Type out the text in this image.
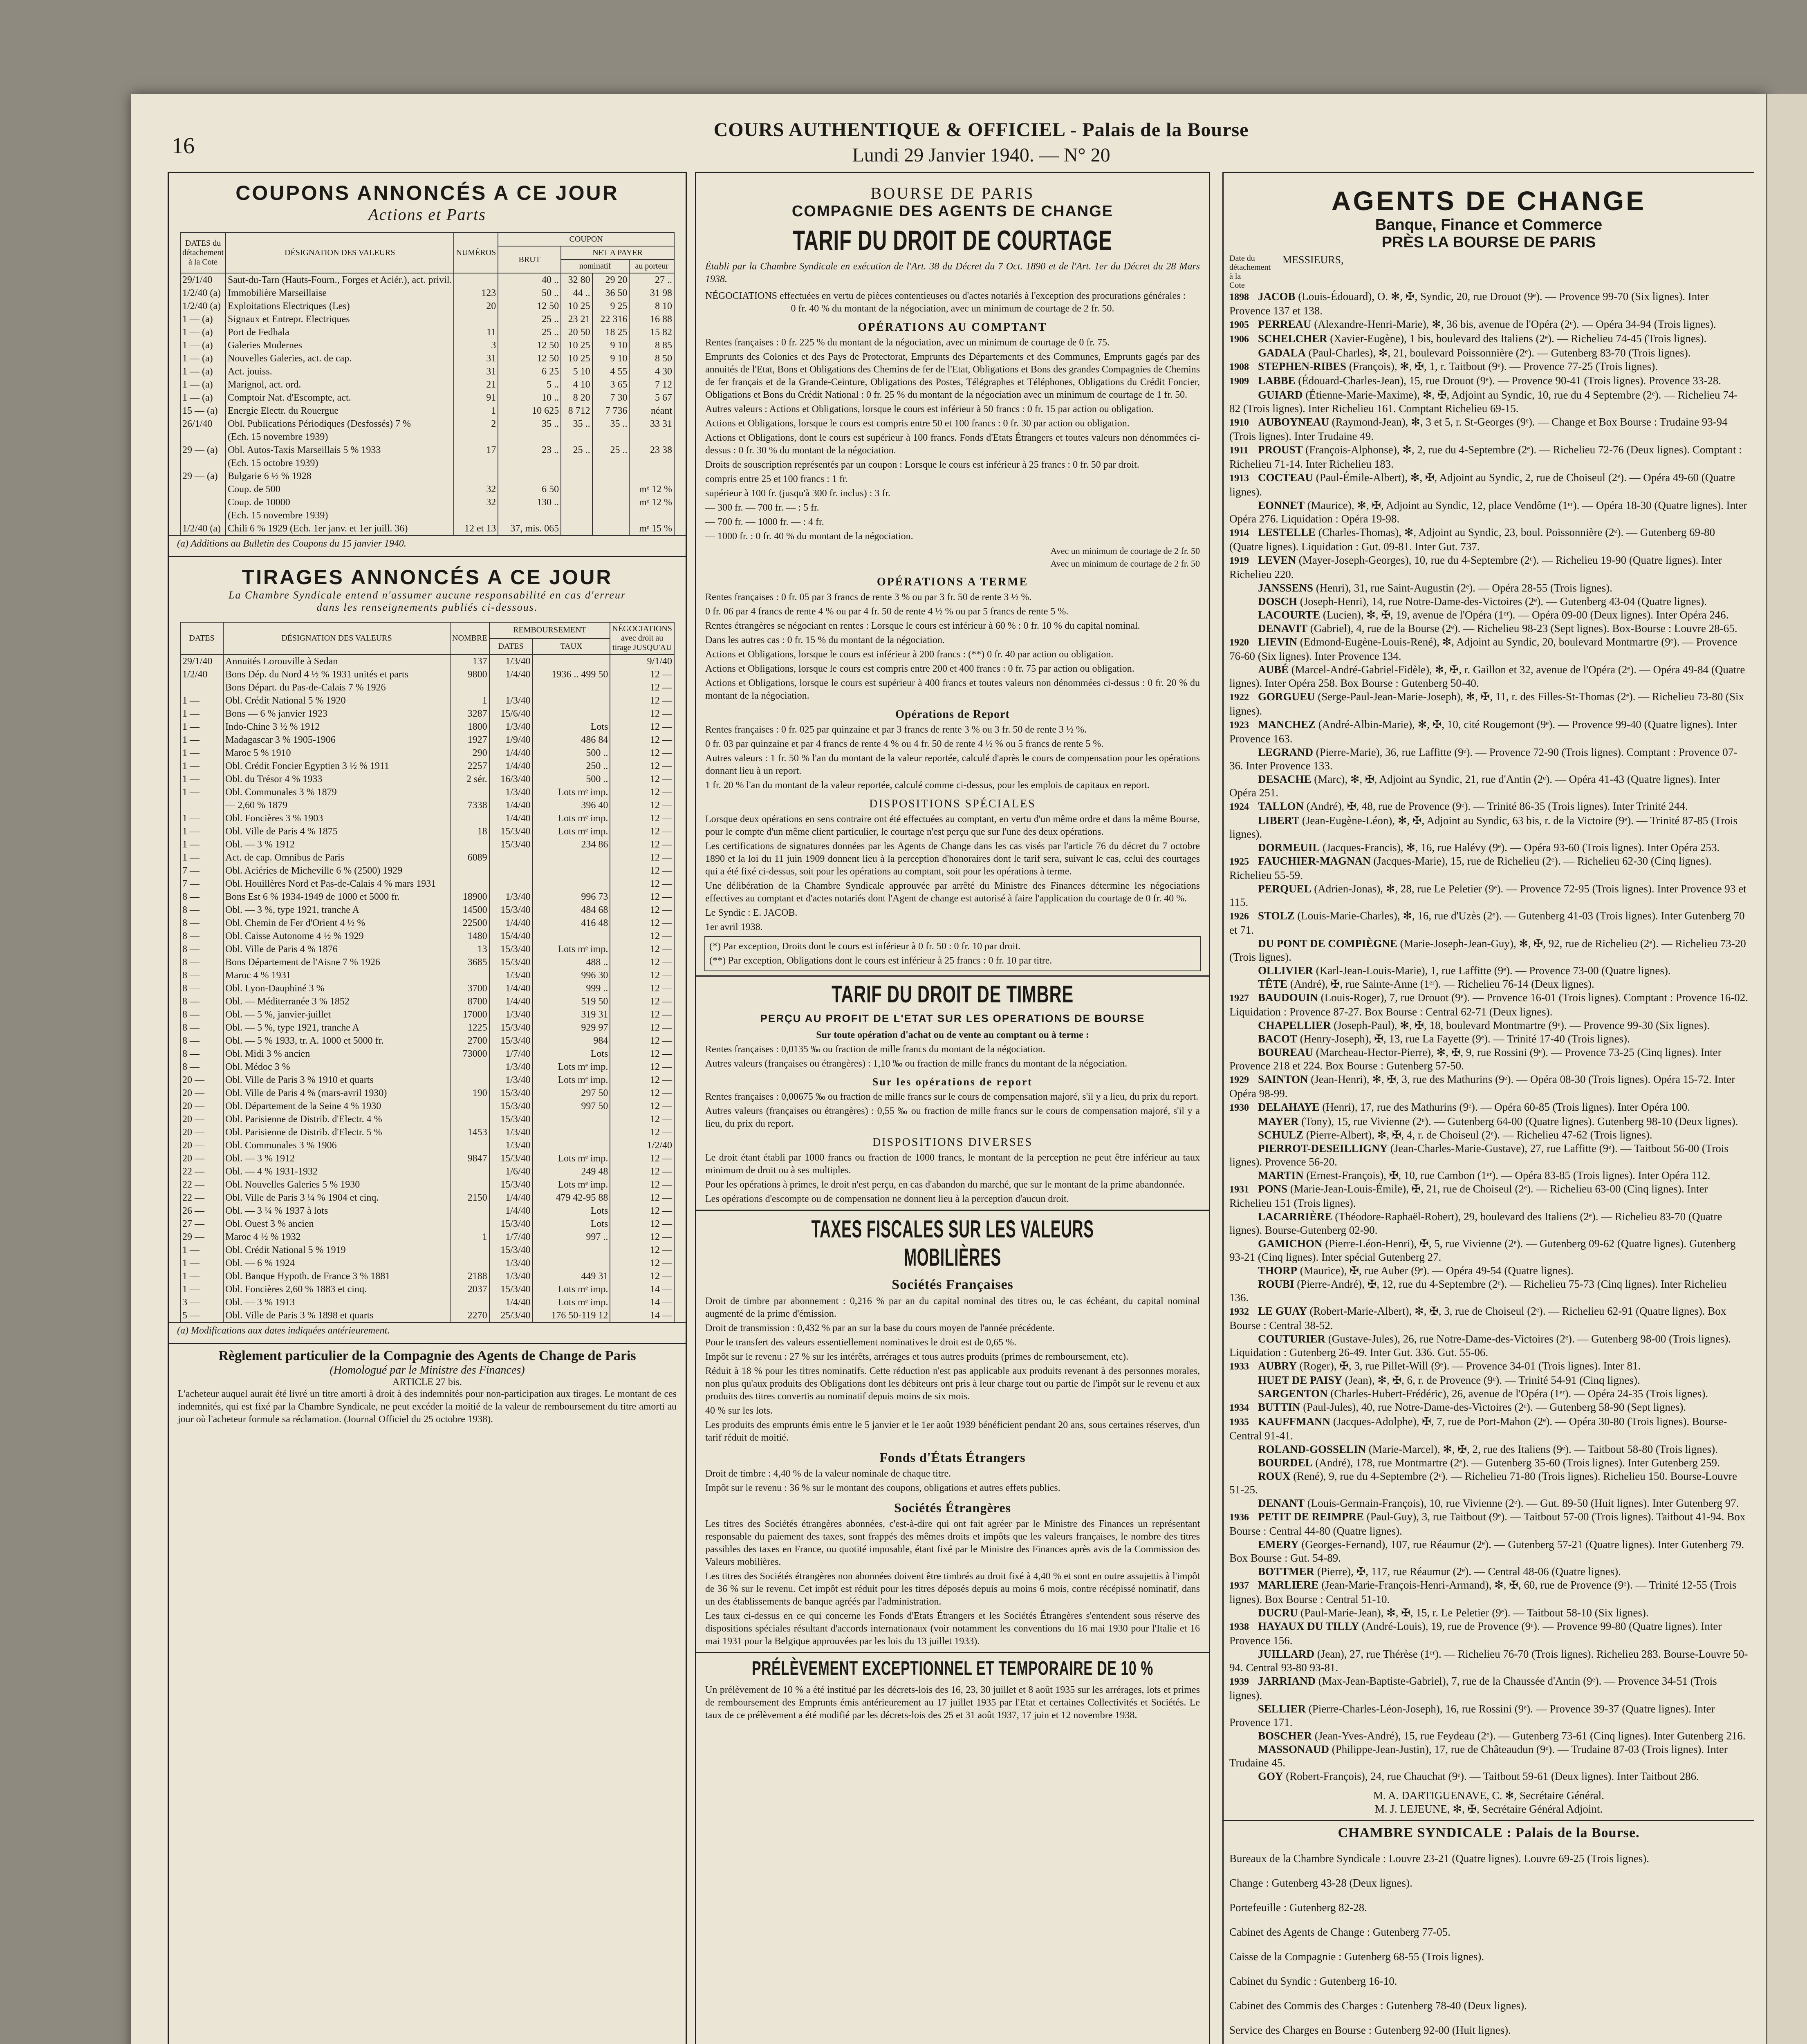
16
COURS AUTHENTIQUE & OFFICIEL - Palais de la Bourse
Lundi 29 Janvier 1940. — N° 20
COUPONS ANNONCÉS A CE JOUR
Actions et Parts
DATES du détachement à la Cote	DÉSIGNATION DES VALEURS	NUMÉROS	COUPON			
			BRUT	NET A PAYER		
				nominatif		au porteur
29/1/40	Saut-du-Tarn (Hauts-Fourn., Forges et Aciér.), act. privil.		40 ..	32 80	29 20	27 ..
1/2/40 (a)	Immobilière Marseillaise	123	50 ..	44 ..	36 50	31 98
1/2/40 (a)	Exploitations Electriques (Les)	20	12 50	10 25	9 25	8 10
1 — (a)	Signaux et Entrepr. Electriques		25 ..	23 21	22 316	16 88
1 — (a)	Port de Fedhala	11	25 ..	20 50	18 25	15 82
1 — (a)	Galeries Modernes	3	12 50	10 25	9 10	8 85
1 — (a)	Nouvelles Galeries, act. de cap.	31	12 50	10 25	9 10	8 50
1 — (a)	Act. jouiss.	31	6 25	5 10	4 55	4 30
1 — (a)	Marignol, act. ord.	21	5 ..	4 10	3 65	7 12
1 — (a)	Comptoir Nat. d'Escompte, act.	91	10 ..	8 20	7 30	5 67
15 — (a)	Energie Electr. du Rouergue	1	10 625	8 712	7 736	néant
26/1/40	Obl. Publications Périodiques (Desfossés) 7 %	2	35 ..	35 ..	35 ..	33 31
	(Ech. 15 novembre 1939)					
29 — (a)	Obl. Autos-Taxis Marseillais 5 % 1933	17	23 ..	25 ..	25 ..	23 38
	(Ech. 15 octobre 1939)					
29 — (a)	Bulgarie 6 ½ % 1928					
	Coup. de 500	32	6 50			mᵉ 12 %
	Coup. de 10000	32	130 ..			mᵉ 12 %
	(Ech. 15 novembre 1939)					
1/2/40 (a)	Chili 6 % 1929 (Ech. 1er janv. et 1er juill. 36)	12 et 13	37, mis. 065			mᵉ 15 %
(a) Additions au Bulletin des Coupons du 15 janvier 1940.
TIRAGES ANNONCÉS A CE JOUR
La Chambre Syndicale entend n'assumer aucune responsabilité en cas d'erreur
dans les renseignements publiés ci-dessous.
DATES	DÉSIGNATION DES VALEURS	NOMBRE	REMBOURSEMENT		NÉGOCIATIONS avec droit au tirage JUSQU'AU
			DATES	TAUX	
29/1/40	Annuités Lorouville à Sedan	137	1/3/40		9/1/40
1/2/40	Bons Dép. du Nord 4 ½ % 1931 unités et parts	9800	1/4/40	1936 .. 499 50	12 —
	Bons Départ. du Pas-de-Calais 7 % 1926				12 —
1 —	Obl. Crédit National 5 % 1920	1	1/3/40		12 —
1 —	Bons — 6 % janvier 1923	3287	15/6/40		12 —
1 —	Indo-Chine 3 ½ % 1912	1800	1/3/40	Lots	12 —
1 —	Madagascar 3 % 1905-1906	1927	1/9/40	486 84	12 —
1 —	Maroc 5 % 1910	290	1/4/40	500 ..	12 —
1 —	Obl. Crédit Foncier Egyptien 3 ½ % 1911	2257	1/4/40	250 ..	12 —
1 —	Obl. du Trésor 4 % 1933	2 sér.	16/3/40	500 ..	12 —
1 —	Obl. Communales 3 % 1879		1/3/40	Lots mᵉ imp.	12 —
	— 2,60 % 1879	7338	1/4/40	396 40	12 —
1 —	Obl. Foncières 3 % 1903		1/4/40	Lots mᵉ imp.	12 —
1 —	Obl. Ville de Paris 4 % 1875	18	15/3/40	Lots mᵉ imp.	12 —
1 —	Obl. — 3 % 1912		15/3/40	234 86	12 —
1 —	Act. de cap. Omnibus de Paris	6089			12 —
7 —	Obl. Aciéries de Micheville 6 % (2500) 1929				12 —
7 —	Obl. Houillères Nord et Pas-de-Calais 4 % mars 1931				12 —
8 —	Bons Est 6 % 1934-1949 de 1000 et 5000 fr.	18900	1/3/40	996 73	12 —
8 —	Obl. — 3 %, type 1921, tranche A	14500	15/3/40	484 68	12 —
8 —	Obl. Chemin de Fer d'Orient 4 ½ %	22500	1/4/40	416 48	12 —
8 —	Obl. Caisse Autonome 4 ½ % 1929	1480	15/4/40		12 —
8 —	Obl. Ville de Paris 4 % 1876	13	15/3/40	Lots mᵉ imp.	12 —
8 —	Bons Département de l'Aisne 7 % 1926	3685	15/3/40	488 ..	12 —
8 —	Maroc 4 % 1931		1/3/40	996 30	12 —
8 —	Obl. Lyon-Dauphiné 3 %	3700	1/4/40	999 ..	12 —
8 —	Obl. — Méditerranée 3 % 1852	8700	1/4/40	519 50	12 —
8 —	Obl. — 5 %, janvier-juillet	17000	1/3/40	319 31	12 —
8 —	Obl. — 5 %, type 1921, tranche A	1225	15/3/40	929 97	12 —
8 —	Obl. — 5 % 1933, tr. A. 1000 et 5000 fr.	2700	15/3/40	984	12 —
8 —	Obl. Midi 3 % ancien	73000	1/7/40	Lots	12 —
8 —	Obl. Médoc 3 %		1/3/40	Lots mᵉ imp.	12 —
20 —	Obl. Ville de Paris 3 % 1910 et quarts		1/3/40	Lots mᵉ imp.	12 —
20 —	Obl. Ville de Paris 4 % (mars-avril 1930)	190	15/3/40	297 50	12 —
20 —	Obl. Département de la Seine 4 % 1930		15/3/40	997 50	12 —
20 —	Obl. Parisienne de Distrib. d'Electr. 4 %		15/3/40		12 —
20 —	Obl. Parisienne de Distrib. d'Electr. 5 %	1453	1/3/40		12 —
20 —	Obl. Communales 3 % 1906		1/3/40		1/2/40
20 —	Obl. — 3 % 1912	9847	15/3/40	Lots mᵉ imp.	12 —
22 —	Obl. — 4 % 1931-1932		1/6/40	249 48	12 —
22 —	Obl. Nouvelles Galeries 5 % 1930		15/3/40	Lots mᵉ imp.	12 —
22 —	Obl. Ville de Paris 3 ¼ % 1904 et cinq.	2150	1/4/40	479 42-95 88	12 —
26 —	Obl. — 3 ¼ % 1937 à lots		1/4/40	Lots	12 —
27 —	Obl. Ouest 3 % ancien		15/3/40	Lots	12 —
29 —	Maroc 4 ½ % 1932	1	1/7/40	997 ..	12 —
1 —	Obl. Crédit National 5 % 1919		15/3/40		12 —
1 —	Obl. — 6 % 1924		1/3/40		12 —
1 —	Obl. Banque Hypoth. de France 3 % 1881	2188	1/3/40	449 31	12 —
1 —	Obl. Foncières 2,60 % 1883 et cinq.	2037	15/3/40	Lots mᵉ imp.	14 —
3 —	Obl. — 3 % 1913		1/4/40	Lots mᵉ imp.	14 —
5 —	Obl. Ville de Paris 3 % 1898 et quarts	2270	25/3/40	176 50-119 12	14 —
(a) Modifications aux dates indiquées antérieurement.
Règlement particulier de la Compagnie des Agents de Change de Paris
(Homologué par le Ministre des Finances)
ARTICLE 27 bis.
L'acheteur auquel aurait été livré un titre amorti à droit à des indemnités pour non-participation aux tirages. Le montant de ces indemnités, qui est fixé par la Chambre Syndicale, ne peut excéder la moitié de la valeur de remboursement du titre amorti au jour où l'acheteur formule sa réclamation. (Journal Officiel du 25 octobre 1938).
BOURSE DE PARIS
COMPAGNIE DES AGENTS DE CHANGE
TARIF DU DROIT DE COURTAGE
Établi par la Chambre Syndicale en exécution de l'Art. 38 du Décret du 7 Oct. 1890 et de l'Art. 1er du Décret du 28 Mars 1938.
NÉGOCIATIONS effectuées en vertu de pièces contentieuses ou d'actes notariés à l'exception des procurations générales :
0 fr. 40 % du montant de la négociation, avec un minimum de courtage de 2 fr. 50.
OPÉRATIONS AU COMPTANT

Rentes françaises : 0 fr. 225 % du montant de la négociation, avec un minimum de courtage de 0 fr. 75.

Emprunts des Colonies et des Pays de Protectorat, Emprunts des Départements et des Communes, Emprunts gagés par des annuités de l'Etat, Bons et Obligations des Chemins de fer de l'Etat, Obligations et Bons des grandes Compagnies de Chemins de fer français et de la Grande-Ceinture, Obligations des Postes, Télégraphes et Téléphones, Obligations du Crédit Foncier, Obligations et Bons du Crédit National : 0 fr. 25 % du montant de la négociation avec un minimum de courtage de 1 fr. 50.

Autres valeurs : Actions et Obligations, lorsque le cours est inférieur à 50 francs : 0 fr. 15 par action ou obligation.

Actions et Obligations, lorsque le cours est compris entre 50 et 100 francs : 0 fr. 30 par action ou obligation.

Actions et Obligations, dont le cours est supérieur à 100 francs. Fonds d'Etats Étrangers et toutes valeurs non dénommées ci-dessus : 0 fr. 30 % du montant de la négociation.

Droits de souscription représentés par un coupon : Lorsque le cours est inférieur à 25 francs : 0 fr. 50 par droit.

compris entre 25 et 100 francs : 1 fr.

supérieur à 100 fr. (jusqu'à 300 fr. inclus) : 3 fr.

— 300 fr. — 700 fr. — : 5 fr.

— 700 fr. — 1000 fr. — : 4 fr.

— 1000 fr. : 0 fr. 40 % du montant de la négociation.

Avec un minimum de courtage de 2 fr. 50
Avec un minimum de courtage de 2 fr. 50
OPÉRATIONS A TERME

Rentes françaises : 0 fr. 05 par 3 francs de rente 3 % ou par 3 fr. 50 de rente 3 ½ %.

0 fr. 06 par 4 francs de rente 4 % ou par 4 fr. 50 de rente 4 ½ % ou par 5 francs de rente 5 %.

Rentes étrangères se négociant en rentes : Lorsque le cours est inférieur à 60 % : 0 fr. 10 % du capital nominal.

Dans les autres cas : 0 fr. 15 % du montant de la négociation.

Actions et Obligations, lorsque le cours est inférieur à 200 francs : (**) 0 fr. 40 par action ou obligation.

Actions et Obligations, lorsque le cours est compris entre 200 et 400 francs : 0 fr. 75 par action ou obligation.

Actions et Obligations, lorsque le cours est supérieur à 400 francs et toutes valeurs non dénommées ci-dessus : 0 fr. 20 % du montant de la négociation.

Opérations de Report

Rentes françaises : 0 fr. 025 par quinzaine et par 3 francs de rente 3 % ou 3 fr. 50 de rente 3 ½ %.

0 fr. 03 par quinzaine et par 4 francs de rente 4 % ou 4 fr. 50 de rente 4 ½ % ou 5 francs de rente 5 %.

Autres valeurs : 1 fr. 50 % l'an du montant de la valeur reportée, calculé d'après le cours de compensation pour les opérations donnant lieu à un report.

1 fr. 20 % l'an du montant de la valeur reportée, calculé comme ci-dessus, pour les emplois de capitaux en report.

DISPOSITIONS SPÉCIALES

Lorsque deux opérations en sens contraire ont été effectuées au comptant, en vertu d'un même ordre et dans la même Bourse, pour le compte d'un même client particulier, le courtage n'est perçu que sur l'une des deux opérations.

Les certifications de signatures données par les Agents de Change dans les cas visés par l'article 76 du décret du 7 octobre 1890 et la loi du 11 juin 1909 donnent lieu à la perception d'honoraires dont le tarif sera, suivant le cas, celui des courtages qui a été fixé ci-dessus, soit pour les opérations au comptant, soit pour les opérations à terme.

Une délibération de la Chambre Syndicale approuvée par arrêté du Ministre des Finances détermine les négociations effectives au comptant et d'actes notariés dont l'Agent de change est autorisé à faire l'application du courtage de 0 fr. 40 %.

Le Syndic : E. JACOB.

1er avril 1938.

(*) Par exception, Droits dont le cours est inférieur à 0 fr. 50 : 0 fr. 10 par droit.

(**) Par exception, Obligations dont le cours est inférieur à 25 francs : 0 fr. 10 par titre.

TARIF DU DROIT DE TIMBRE
PERÇU AU PROFIT DE L'ETAT SUR LES OPERATIONS DE BOURSE
Sur toute opération d'achat ou de vente au comptant ou à terme :

Rentes françaises : 0,0135 ‰ ou fraction de mille francs du montant de la négociation.

Autres valeurs (françaises ou étrangères) : 1,10 ‰ ou fraction de mille francs du montant de la négociation.

Sur les opérations de report

Rentes françaises : 0,00675 ‰ ou fraction de mille francs sur le cours de compensation majoré, s'il y a lieu, du prix du report.

Autres valeurs (françaises ou étrangères) : 0,55 ‰ ou fraction de mille francs sur le cours de compensation majoré, s'il y a lieu, du prix du report.

DISPOSITIONS DIVERSES

Le droit étant établi par 1000 francs ou fraction de 1000 francs, le montant de la perception ne peut être inférieur au taux minimum de droit ou à ses multiples.

Pour les opérations à primes, le droit n'est perçu, en cas d'abandon du marché, que sur le montant de la prime abandonnée.

Les opérations d'escompte ou de compensation ne donnent lieu à la perception d'aucun droit.

TAXES FISCALES SUR LES VALEURS MOBILIÈRES
Sociétés Françaises

Droit de timbre par abonnement : 0,216 % par an du capital nominal des titres ou, le cas échéant, du capital nominal augmenté de la prime d'émission.

Droit de transmission : 0,432 % par an sur la base du cours moyen de l'année précédente.

Pour le transfert des valeurs essentiellement nominatives le droit est de 0,65 %.

Impôt sur le revenu : 27 % sur les intérêts, arrérages et tous autres produits (primes de remboursement, etc).

Réduit à 18 % pour les titres nominatifs. Cette réduction n'est pas applicable aux produits revenant à des personnes morales, non plus qu'aux produits des Obligations dont les débiteurs ont pris à leur charge tout ou partie de l'impôt sur le revenu et aux produits des titres convertis au nominatif depuis moins de six mois.

40 % sur les lots.

Les produits des emprunts émis entre le 5 janvier et le 1er août 1939 bénéficient pendant 20 ans, sous certaines réserves, d'un tarif réduit de moitié.

Fonds d'États Étrangers

Droit de timbre : 4,40 % de la valeur nominale de chaque titre.

Impôt sur le revenu : 36 % sur le montant des coupons, obligations et autres effets publics.

Sociétés Étrangères

Les titres des Sociétés étrangères abonnées, c'est-à-dire qui ont fait agréer par le Ministre des Finances un représentant responsable du paiement des taxes, sont frappés des mêmes droits et impôts que les valeurs françaises, le nombre des titres passibles des taxes en France, ou quotité imposable, étant fixé par le Ministre des Finances après avis de la Commission des Valeurs mobilières.

Les titres des Sociétés étrangères non abonnées doivent être timbrés au droit fixé à 4,40 % et sont en outre assujettis à l'impôt de 36 % sur le revenu. Cet impôt est réduit pour les titres déposés depuis au moins 6 mois, contre récépissé nominatif, dans un des établissements de banque agréés par l'administration.

Les taux ci-dessus en ce qui concerne les Fonds d'Etats Étrangers et les Sociétés Étrangères s'entendent sous réserve des dispositions spéciales résultant d'accords internationaux (voir notamment les conventions du 16 mai 1930 pour l'Italie et 16 mai 1931 pour la Belgique approuvées par les lois du 13 juillet 1933).

PRÉLÈVEMENT EXCEPTIONNEL ET TEMPORAIRE DE 10 %
Un prélèvement de 10 % a été institué par les décrets-lois des 16, 23, 30 juillet et 8 août 1935 sur les arrérages, lots et primes de remboursement des Emprunts émis antérieurement au 17 juillet 1935 par l'Etat et certaines Collectivités et Sociétés. Le taux de ce prélèvement a été modifié par les décrets-lois des 25 et 31 août 1937, 17 juin et 12 novembre 1938.
AGENTS DE CHANGE
Banque, Finance et Commerce
PRÈS LA BOURSE DE PARIS
Date du détachement à la Cote
MESSIEURS,
1898 JACOB (Louis-Édouard), O. ✻, ✠, Syndic, 20, rue Drouot (9ᵉ). — Provence 99-70 (Six lignes). Inter Provence 137 et 138.
1905 PERREAU (Alexandre-Henri-Marie), ✻, 36 bis, avenue de l'Opéra (2ᵉ). — Opéra 34-94 (Trois lignes).
1906 SCHELCHER (Xavier-Eugène), 1 bis, boulevard des Italiens (2ᵉ). — Richelieu 74-45 (Trois lignes).
GADALA (Paul-Charles), ✻, 21, boulevard Poissonnière (2ᵉ). — Gutenberg 83-70 (Trois lignes).
1908 STEPHEN-RIBES (François), ✻, ✠, 1, r. Taitbout (9ᵉ). — Provence 77-25 (Trois lignes).
1909 LABBE (Édouard-Charles-Jean), 15, rue Drouot (9ᵉ). — Provence 90-41 (Trois lignes). Provence 33-28.
GUIARD (Étienne-Marie-Maxime), ✻, ✠, Adjoint au Syndic, 10, rue du 4 Septembre (2ᵉ). — Richelieu 74-82 (Trois lignes). Inter Richelieu 161. Comptant Richelieu 69-15.
1910 AUBOYNEAU (Raymond-Jean), ✻, 3 et 5, r. St-Georges (9ᵉ). — Change et Box Bourse : Trudaine 93-94 (Trois lignes). Inter Trudaine 49.
1911 PROUST (François-Alphonse), ✻, 2, rue du 4-Septembre (2ᵉ). — Richelieu 72-76 (Deux lignes). Comptant : Richelieu 71-14. Inter Richelieu 183.
1913 COCTEAU (Paul-Émile-Albert), ✻, ✠, Adjoint au Syndic, 2, rue de Choiseul (2ᵉ). — Opéra 49-60 (Quatre lignes).
EONNET (Maurice), ✻, ✠, Adjoint au Syndic, 12, place Vendôme (1ᵉʳ). — Opéra 18-30 (Quatre lignes). Inter Opéra 276. Liquidation : Opéra 19-98.
1914 LESTELLE (Charles-Thomas), ✻, Adjoint au Syndic, 23, boul. Poissonnière (2ᵉ). — Gutenberg 69-80 (Quatre lignes). Liquidation : Gut. 09-81. Inter Gut. 737.
1919 LEVEN (Mayer-Joseph-Georges), 10, rue du 4-Septembre (2ᵉ). — Richelieu 19-90 (Quatre lignes). Inter Richelieu 220.
JANSSENS (Henri), 31, rue Saint-Augustin (2ᵉ). — Opéra 28-55 (Trois lignes).
DOSCH (Joseph-Henri), 14, rue Notre-Dame-des-Victoires (2ᵉ). — Gutenberg 43-04 (Quatre lignes).
LACOURTE (Lucien), ✻, ✠, 19, avenue de l'Opéra (1ᵉʳ). — Opéra 09-00 (Deux lignes). Inter Opéra 246.
DENAVIT (Gabriel), 4, rue de la Bourse (2ᵉ). — Richelieu 98-23 (Sept lignes). Box-Bourse : Louvre 28-65.
1920 LIEVIN (Edmond-Eugène-Louis-René), ✻, Adjoint au Syndic, 20, boulevard Montmartre (9ᵉ). — Provence 76-60 (Six lignes). Inter Provence 134.
AUBÉ (Marcel-André-Gabriel-Fidèle), ✻, ✠, r. Gaillon et 32, avenue de l'Opéra (2ᵉ). — Opéra 49-84 (Quatre lignes). Inter Opéra 258. Box Bourse : Gutenberg 50-40.
1922 GORGUEU (Serge-Paul-Jean-Marie-Joseph), ✻, ✠, 11, r. des Filles-St-Thomas (2ᵉ). — Richelieu 73-80 (Six lignes).
1923 MANCHEZ (André-Albin-Marie), ✻, ✠, 10, cité Rougemont (9ᵉ). — Provence 99-40 (Quatre lignes). Inter Provence 163.
LEGRAND (Pierre-Marie), 36, rue Laffitte (9ᵉ). — Provence 72-90 (Trois lignes). Comptant : Provence 07-36. Inter Provence 133.
DESACHE (Marc), ✻, ✠, Adjoint au Syndic, 21, rue d'Antin (2ᵉ). — Opéra 41-43 (Quatre lignes). Inter Opéra 251.
1924 TALLON (André), ✠, 48, rue de Provence (9ᵉ). — Trinité 86-35 (Trois lignes). Inter Trinité 244.
LIBERT (Jean-Eugène-Léon), ✻, ✠, Adjoint au Syndic, 63 bis, r. de la Victoire (9ᵉ). — Trinité 87-85 (Trois lignes).
DORMEUIL (Jacques-Francis), ✻, 16, rue Halévy (9ᵉ). — Opéra 93-60 (Trois lignes). Inter Opéra 253.
1925 FAUCHIER-MAGNAN (Jacques-Marie), 15, rue de Richelieu (2ᵉ). — Richelieu 62-30 (Cinq lignes). Richelieu 55-59.
PERQUEL (Adrien-Jonas), ✻, 28, rue Le Peletier (9ᵉ). — Provence 72-95 (Trois lignes). Inter Provence 93 et 115.
1926 STOLZ (Louis-Marie-Charles), ✻, 16, rue d'Uzès (2ᵉ). — Gutenberg 41-03 (Trois lignes). Inter Gutenberg 70 et 71.
DU PONT DE COMPIÈGNE (Marie-Joseph-Jean-Guy), ✻, ✠, 92, rue de Richelieu (2ᵉ). — Richelieu 73-20 (Trois lignes).
OLLIVIER (Karl-Jean-Louis-Marie), 1, rue Laffitte (9ᵉ). — Provence 73-00 (Quatre lignes).
TÊTE (André), ✠, rue Sainte-Anne (1ᵉʳ). — Richelieu 76-14 (Deux lignes).
1927 BAUDOUIN (Louis-Roger), 7, rue Drouot (9ᵉ). — Provence 16-01 (Trois lignes). Comptant : Provence 16-02. Liquidation : Provence 87-27. Box Bourse : Central 62-71 (Deux lignes).
CHAPELLIER (Joseph-Paul), ✻, ✠, 18, boulevard Montmartre (9ᵉ). — Provence 99-30 (Six lignes).
BACOT (Henry-Joseph), ✠, 13, rue La Fayette (9ᵉ). — Trinité 17-40 (Trois lignes).
BOUREAU (Marcheau-Hector-Pierre), ✻, ✠, 9, rue Rossini (9ᵉ). — Provence 73-25 (Cinq lignes). Inter Provence 218 et 224. Box Bourse : Gutenberg 57-50.
1929 SAINTON (Jean-Henri), ✻, ✠, 3, rue des Mathurins (9ᵉ). — Opéra 08-30 (Trois lignes). Opéra 15-72. Inter Opéra 98-99.
1930 DELAHAYE (Henri), 17, rue des Mathurins (9ᵉ). — Opéra 60-85 (Trois lignes). Inter Opéra 100.
MAYER (Tony), 15, rue Vivienne (2ᵉ). — Gutenberg 64-00 (Quatre lignes). Gutenberg 98-10 (Deux lignes).
SCHULZ (Pierre-Albert), ✻, ✠, 4, r. de Choiseul (2ᵉ). — Richelieu 47-62 (Trois lignes).
PIERROT-DESEILLIGNY (Jean-Charles-Marie-Gustave), 27, rue Laffitte (9ᵉ). — Taitbout 56-00 (Trois lignes). Provence 56-20.
MARTIN (Ernest-François), ✠, 10, rue Cambon (1ᵉʳ). — Opéra 83-85 (Trois lignes). Inter Opéra 112.
1931 PONS (Marie-Jean-Louis-Émile), ✠, 21, rue de Choiseul (2ᵉ). — Richelieu 63-00 (Cinq lignes). Inter Richelieu 151 (Trois lignes).
LACARRIÈRE (Théodore-Raphaël-Robert), 29, boulevard des Italiens (2ᵉ). — Richelieu 83-70 (Quatre lignes). Bourse-Gutenberg 02-90.
GAMICHON (Pierre-Léon-Henri), ✠, 5, rue Vivienne (2ᵉ). — Gutenberg 09-62 (Quatre lignes). Gutenberg 93-21 (Cinq lignes). Inter spécial Gutenberg 27.
THORP (Maurice), ✠, rue Auber (9ᵉ). — Opéra 49-54 (Quatre lignes).
ROUBI (Pierre-André), ✠, 12, rue du 4-Septembre (2ᵉ). — Richelieu 75-73 (Cinq lignes). Inter Richelieu 136.
1932 LE GUAY (Robert-Marie-Albert), ✻, ✠, 3, rue de Choiseul (2ᵉ). — Richelieu 62-91 (Quatre lignes). Box Bourse : Central 38-52.
COUTURIER (Gustave-Jules), 26, rue Notre-Dame-des-Victoires (2ᵉ). — Gutenberg 98-00 (Trois lignes). Liquidation : Gutenberg 26-49. Inter Gut. 336. Gut. 55-06.
1933 AUBRY (Roger), ✠, 3, rue Pillet-Will (9ᵉ). — Provence 34-01 (Trois lignes). Inter 81.
HUET DE PAISY (Jean), ✻, ✠, 6, r. de Provence (9ᵉ). — Trinité 54-91 (Cinq lignes).
SARGENTON (Charles-Hubert-Frédéric), 26, avenue de l'Opéra (1ᵉʳ). — Opéra 24-35 (Trois lignes).
1934 BUTTIN (Paul-Jules), 40, rue Notre-Dame-des-Victoires (2ᵉ). — Gutenberg 58-90 (Sept lignes).
1935 KAUFFMANN (Jacques-Adolphe), ✠, 7, rue de Port-Mahon (2ᵉ). — Opéra 30-80 (Trois lignes). Bourse-Central 91-41.
ROLAND-GOSSELIN (Marie-Marcel), ✻, ✠, 2, rue des Italiens (9ᵉ). — Taitbout 58-80 (Trois lignes).
BOURDEL (André), 178, rue Montmartre (2ᵉ). — Gutenberg 35-60 (Trois lignes). Inter Gutenberg 259.
ROUX (René), 9, rue du 4-Septembre (2ᵉ). — Richelieu 71-80 (Trois lignes). Richelieu 150. Bourse-Louvre 51-25.
DENANT (Louis-Germain-François), 10, rue Vivienne (2ᵉ). — Gut. 89-50 (Huit lignes). Inter Gutenberg 97.
1936 PETIT DE REIMPRE (Paul-Guy), 3, rue Taitbout (9ᵉ). — Taitbout 57-00 (Trois lignes). Taitbout 41-94. Box Bourse : Central 44-80 (Quatre lignes).
EMERY (Georges-Fernand), 107, rue Réaumur (2ᵉ). — Gutenberg 57-21 (Quatre lignes). Inter Gutenberg 79. Box Bourse : Gut. 54-89.
BOTTMER (Pierre), ✠, 117, rue Réaumur (2ᵉ). — Central 48-06 (Quatre lignes).
1937 MARLIERE (Jean-Marie-François-Henri-Armand), ✻, ✠, 60, rue de Provence (9ᵉ). — Trinité 12-55 (Trois lignes). Box Bourse : Central 51-10.
DUCRU (Paul-Marie-Jean), ✻, ✠, 15, r. Le Peletier (9ᵉ). — Taitbout 58-10 (Six lignes).
1938 HAYAUX DU TILLY (André-Louis), 19, rue de Provence (9ᵉ). — Provence 99-80 (Quatre lignes). Inter Provence 156.
JUILLARD (Jean), 27, rue Thérèse (1ᵉʳ). — Richelieu 76-70 (Trois lignes). Richelieu 283. Bourse-Louvre 50-94. Central 93-80 93-81.
1939 JARRIAND (Max-Jean-Baptiste-Gabriel), 7, rue de la Chaussée d'Antin (9ᵉ). — Provence 34-51 (Trois lignes).
SELLIER (Pierre-Charles-Léon-Joseph), 16, rue Rossini (9ᵉ). — Provence 39-37 (Quatre lignes). Inter Provence 171.
BOSCHER (Jean-Yves-André), 15, rue Feydeau (2ᵉ). — Gutenberg 73-61 (Cinq lignes). Inter Gutenberg 216.
MASSONAUD (Philippe-Jean-Justin), 17, rue de Châteaudun (9ᵉ). — Trudaine 87-03 (Trois lignes). Inter Trudaine 45.
GOY (Robert-François), 24, rue Chauchat (9ᵉ). — Taitbout 59-61 (Deux lignes). Inter Taitbout 286.
M. A. DARTIGUENAVE, C. ✻, Secrétaire Général.
M. J. LEJEUNE, ✻, ✠, Secrétaire Général Adjoint.
CHAMBRE SYNDICALE : Palais de la Bourse.

Bureaux de la Chambre Syndicale : Louvre 23-21 (Quatre lignes). Louvre 69-25 (Trois lignes).

Change : Gutenberg 43-28 (Deux lignes).

Portefeuille : Gutenberg 82-28.

Cabinet des Agents de Change : Gutenberg 77-05.

Caisse de la Compagnie : Gutenberg 68-55 (Trois lignes).

Cabinet du Syndic : Gutenberg 16-10.

Cabinet des Commis des Charges : Gutenberg 78-40 (Deux lignes).

Service des Charges en Bourse : Gutenberg 92-00 (Huit lignes).
